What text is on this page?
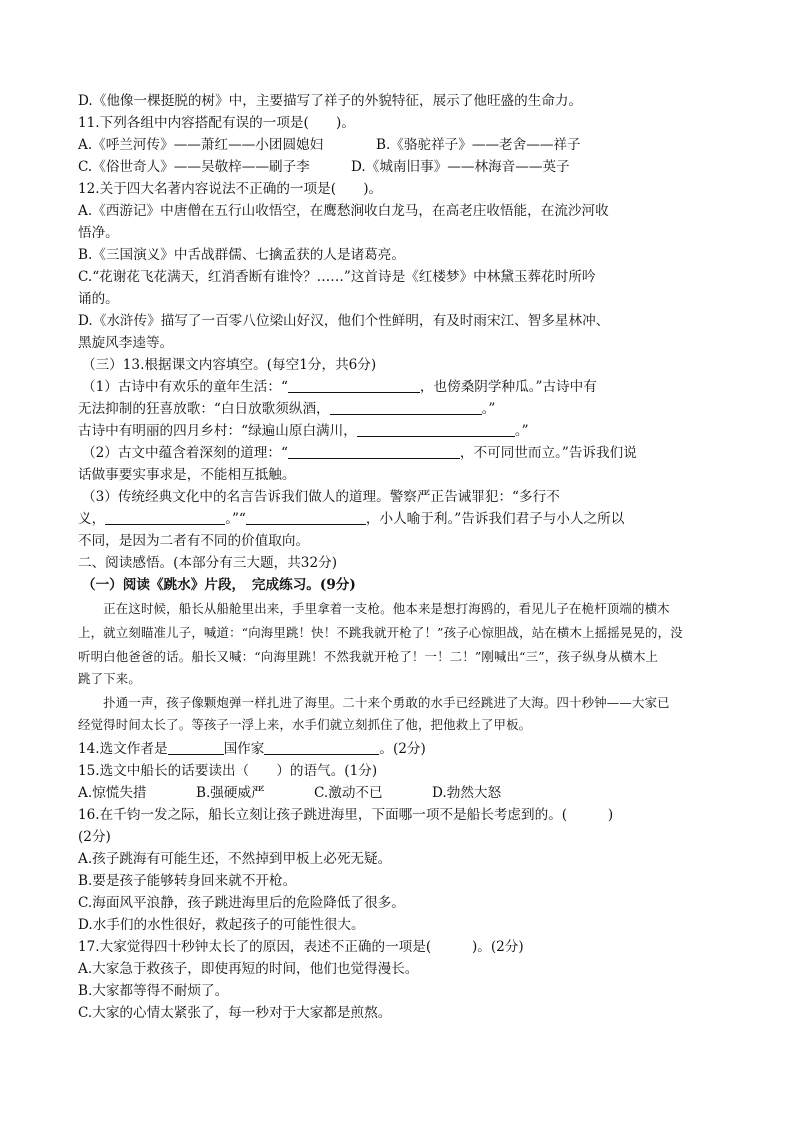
D.《他像一棵挺脱的树》中，主要描写了祥子的外貌特征，展示了他旺盛的生命力。
11.下列各组中内容搭配有误的一项是(　　)。
A.《呼兰河传》——萧红——小团圆媳妇	B.《骆驼祥子》——老舍——祥子
C.《俗世奇人》——吴敬梓——刷子李	D.《城南旧事》——林海音——英子
12.关于四大名著内容说法不正确的一项是(　　)。
A.《西游记》中唐僧在五行山收悟空，在鹰愁涧收白龙马，在高老庄收悟能，在流沙河收
悟净。
B.《三国演义》中舌战群儒、七擒孟获的人是诸葛亮。
C.“花谢花飞花满天，红消香断有谁怜？……”这首诗是《红楼梦》中林黛玉葬花时所吟
诵的。
D.《水浒传》描写了一百零八位梁山好汉，他们个性鲜明，有及时雨宋江、智多星林冲、
黑旋风李逵等。
（三）13.根据课文内容填空。(每空1分，共6分)
（1）古诗中有欢乐的童年生活：“	，也傍桑阴学种瓜。”古诗中有
无法抑制的狂喜放歌：“白日放歌须纵酒，	。”
古诗中有明丽的四月乡村：“绿遍山原白满川，	。”
（2）古文中蕴含着深刻的道理：“	，不可同世而立。”告诉我们说
话做事要实事求是，不能相互抵触。
（3）传统经典文化中的名言告诉我们做人的道理。警察严正告诫罪犯：“多行不
义，	。”“	，小人喻于利。”告诉我们君子与小人之所以
不同，是因为二者有不同的价值取向。
二、阅读感悟。(本部分有三大题，共32分)
（一）阅读《跳水》片段，　完成练习。(9分)
　　正在这时候，船长从船舱里出来，手里拿着一支枪。他本来是想打海鸥的，看见儿子在桅杆顶端的横木
上，就立刻瞄准儿子，喊道：“向海里跳！快！不跳我就开枪了！”孩子心惊胆战，站在横木上摇摇晃晃的，没
听明白他爸爸的话。船长又喊：“向海里跳！不然我就开枪了！一！二！”刚喊出“三”，孩子纵身从横木上
跳了下来。
　　扑通一声，孩子像颗炮弹一样扎进了海里。二十来个勇敢的水手已经跳进了大海。四十秒钟——大家已
经觉得时间太长了。等孩子一浮上来，水手们就立刻抓住了他，把他救上了甲板。
14.选文作者是	国作家	。(2分)
15.选文中船长的话要读出（　　）的语气。(1分)
A.惊慌失措	B.强硬威严	C.激动不已	D.勃然大怒
16.在千钧一发之际，船长立刻让孩子跳进海里，下面哪一项不是船长考虑到的。(　　　)
(2分)
A.孩子跳海有可能生还，不然掉到甲板上必死无疑。
B.要是孩子能够转身回来就不开枪。
C.海面风平浪静，孩子跳进海里后的危险降低了很多。
D.水手们的水性很好，救起孩子的可能性很大。
17.大家觉得四十秒钟太长了的原因，表述不正确的一项是(　　　)。(2分)
A.大家急于救孩子，即使再短的时间，他们也觉得漫长。
B.大家都等得不耐烦了。
C.大家的心情太紧张了，每一秒对于大家都是煎熬。
